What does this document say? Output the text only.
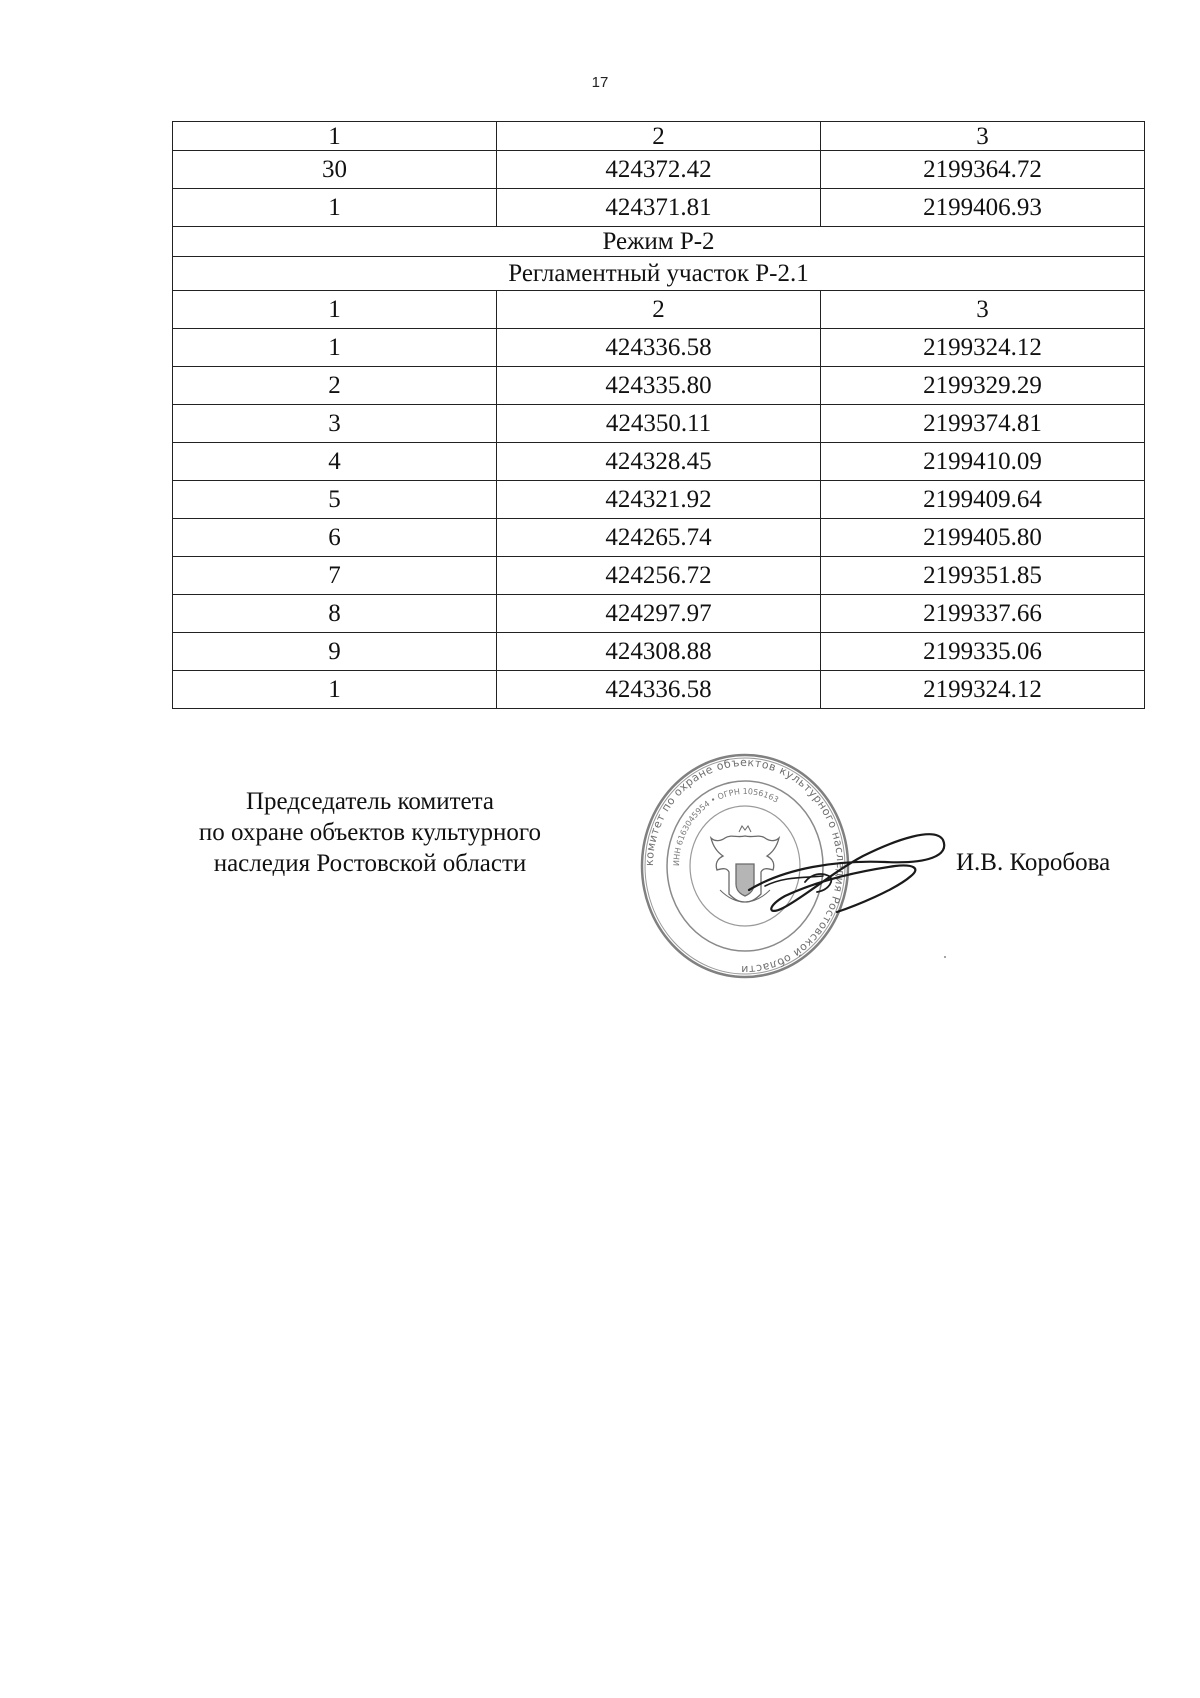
17
1	2	3
30	424372.42	2199364.72
1	424371.81	2199406.93
Режим Р-2		
Регламентный участок Р-2.1		
1	2	3
1	424336.58	2199324.12
2	424335.80	2199329.29
3	424350.11	2199374.81
4	424328.45	2199410.09
5	424321.92	2199409.64
6	424265.74	2199405.80
7	424256.72	2199351.85
8	424297.97	2199337.66
9	424308.88	2199335.06
1	424336.58	2199324.12
Председатель комитета
по охране объектов культурного
наследия Ростовской области	комитет по охране объектов культурного наследия Ростовской области
ИНН 6163045954 • ОГРН 1056163
И.В. Коробова
